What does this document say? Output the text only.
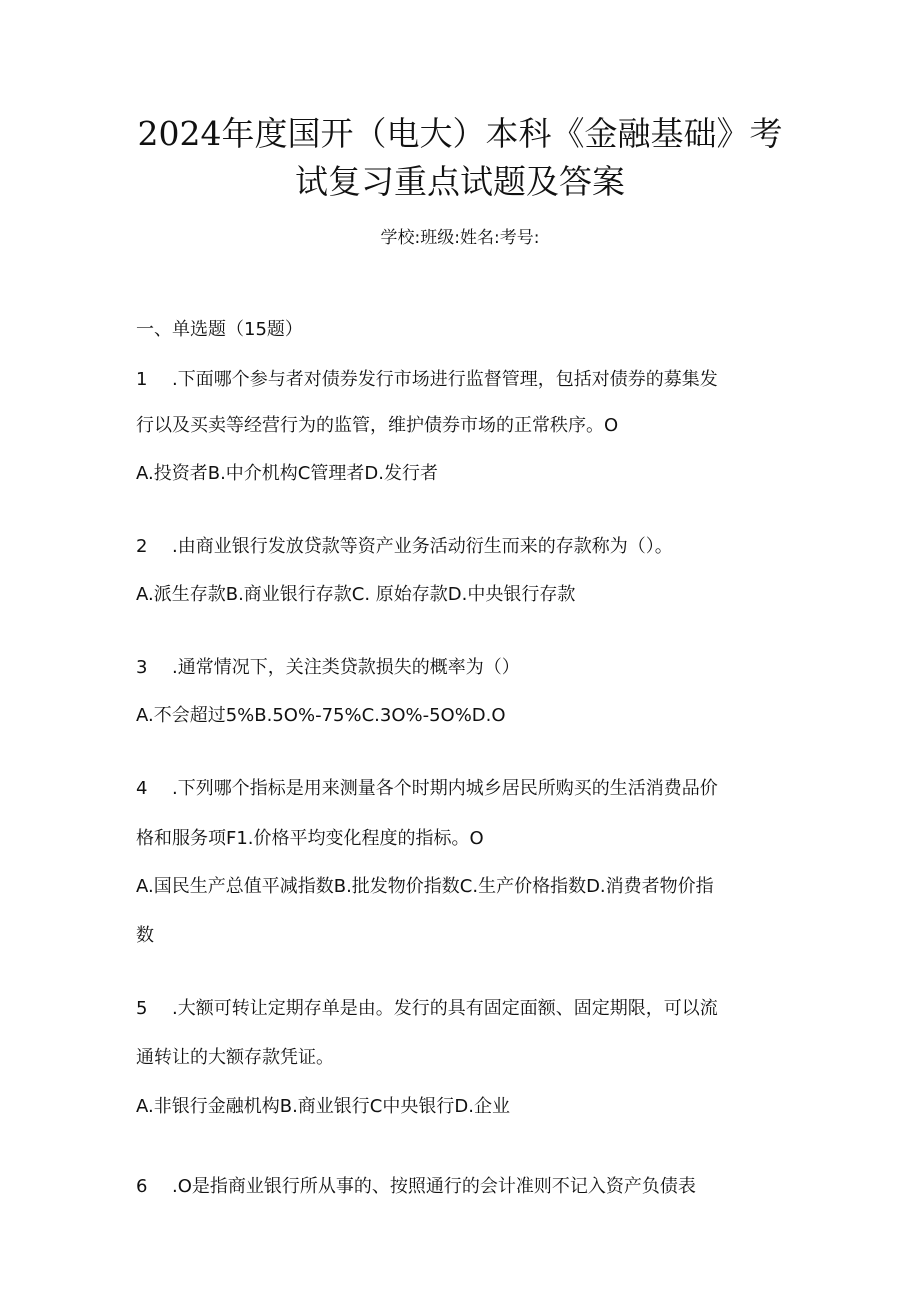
2024年度国开（电大）本科《金融基础》考
试复习重点试题及答案
学校:班级:姓名:考号:
一、单选题（15题）
1 .下面哪个参与者对债券发行市场进行监督管理，包括对债券的募集发
行以及买卖等经营行为的监管，维护债券市场的正常秩序。O
A.投资者B.中介机构C管理者D.发行者
2 .由商业银行发放贷款等资产业务活动衍生而来的存款称为（）。
A.派生存款B.商业银行存款C. 原始存款D.中央银行存款
3 .通常情况下，关注类贷款损失的概率为（）
A.不会超过5%B.5O%-75%C.3O%-5O%D.O
4 .下列哪个指标是用来测量各个时期内城乡居民所购买的生活消费品价
格和服务项F1.价格平均变化程度的指标。O
A.国民生产总值平减指数B.批发物价指数C.生产价格指数D.消费者物价指
数
5 .大额可转让定期存单是由。发行的具有固定面额、固定期限，可以流
通转让的大额存款凭证。
A.非银行金融机构B.商业银行C中央银行D.企业
6 .O是指商业银行所从事的、按照通行的会计准则不记入资产负债表
